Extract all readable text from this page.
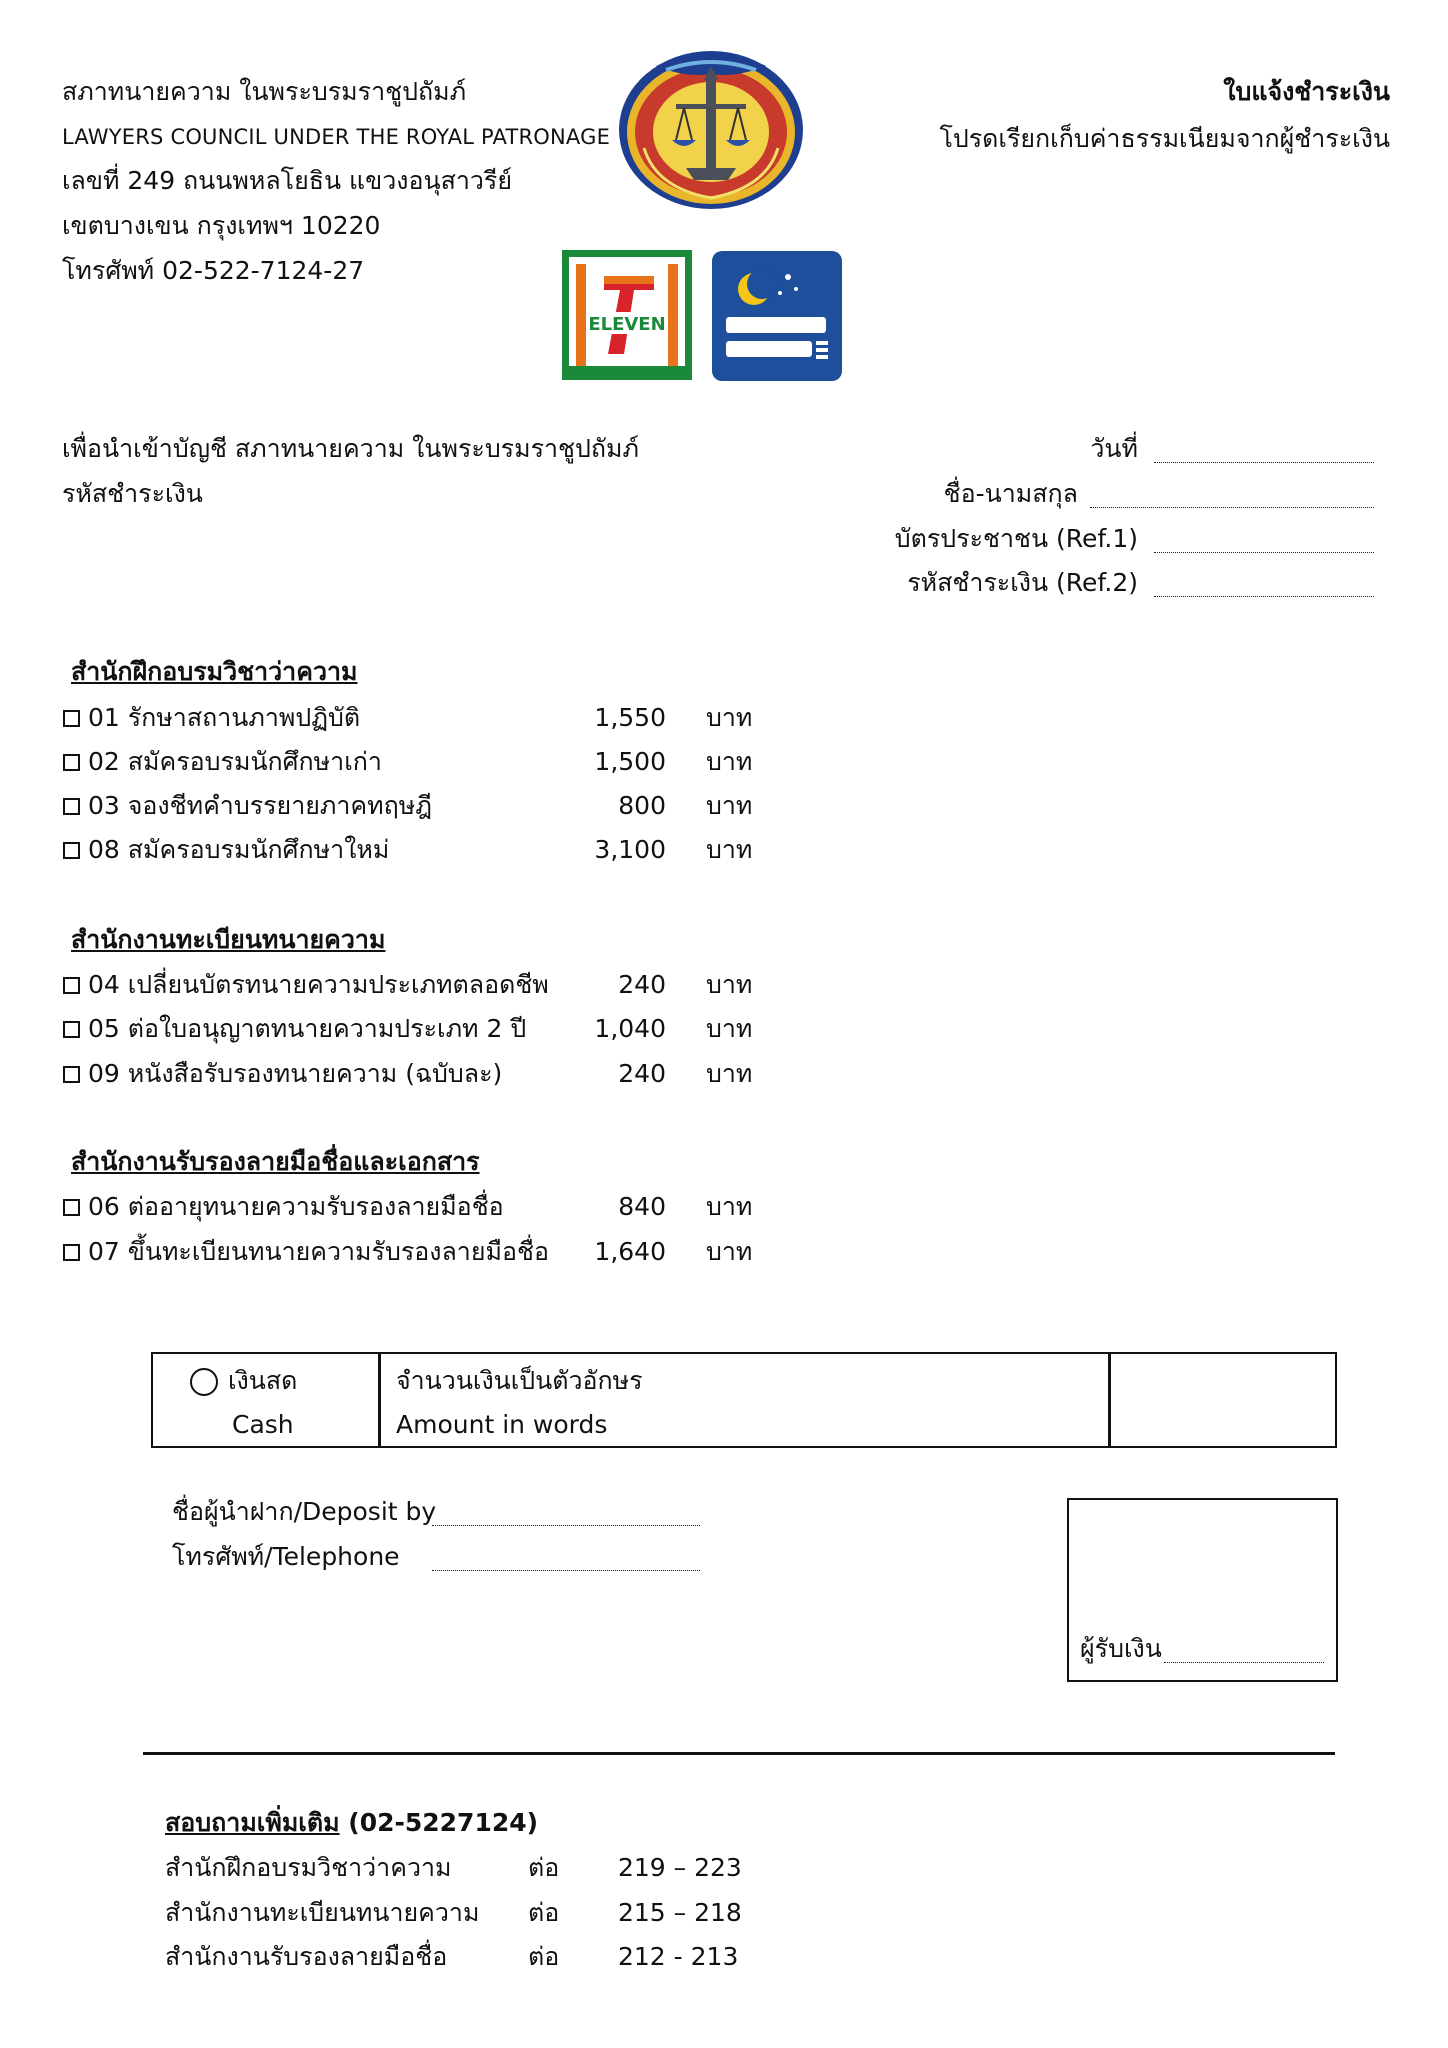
สภาทนายความ ในพระบรมราชูปถัมภ์
LAWYERS COUNCIL UNDER THE ROYAL PATRONAGE
เลขที่ 249 ถนนพหลโยธิน แขวงอนุสาวรีย์
เขตบางเขน กรุงเทพฯ 10220
โทรศัพท์ 02-522-7124-27
ELEVEN
ใบแจ้งชำระเงิน
โปรดเรียกเก็บค่าธรรมเนียมจากผู้ชำระเงิน
เพื่อนำเข้าบัญชี สภาทนายความ ในพระบรมราชูปถัมภ์
รหัสชำระเงิน
วันที่
ชื่อ-นามสกุล
บัตรประชาชน (Ref.1)
รหัสชำระเงิน (Ref.2)
สำนักฝึกอบรมวิชาว่าความ
01 รักษาสถานภาพปฏิบัติ	1,550 บาท
02 สมัครอบรมนักศึกษาเก่า	1,500 บาท
03 จองชีทคำบรรยายภาคทฤษฎี	800 บาท
08 สมัครอบรมนักศึกษาใหม่	3,100 บาท
สำนักงานทะเบียนทนายความ
04 เปลี่ยนบัตรทนายความประเภทตลอดชีพ	240 บาท
05 ต่อใบอนุญาตทนายความประเภท 2 ปี	1,040 บาท
09 หนังสือรับรองทนายความ (ฉบับละ)	240 บาท
สำนักงานรับรองลายมือชื่อและเอกสาร
06 ต่ออายุทนายความรับรองลายมือชื่อ	840 บาท
07 ขึ้นทะเบียนทนายความรับรองลายมือชื่อ 1,640 บาท
เงินสด
Cash
จำนวนเงินเป็นตัวอักษร
Amount in words
ชื่อผู้นำฝาก/Deposit by
โทรศัพท์/Telephone
ผู้รับเงิน
สอบถามเพิ่มเติม (02-5227124)
สำนักฝึกอบรมวิชาว่าความ	ต่อ 219 – 223
สำนักงานทะเบียนทนายความ ต่อ 215 – 218
สำนักงานรับรองลายมือชื่อ	ต่อ 212 - 213
